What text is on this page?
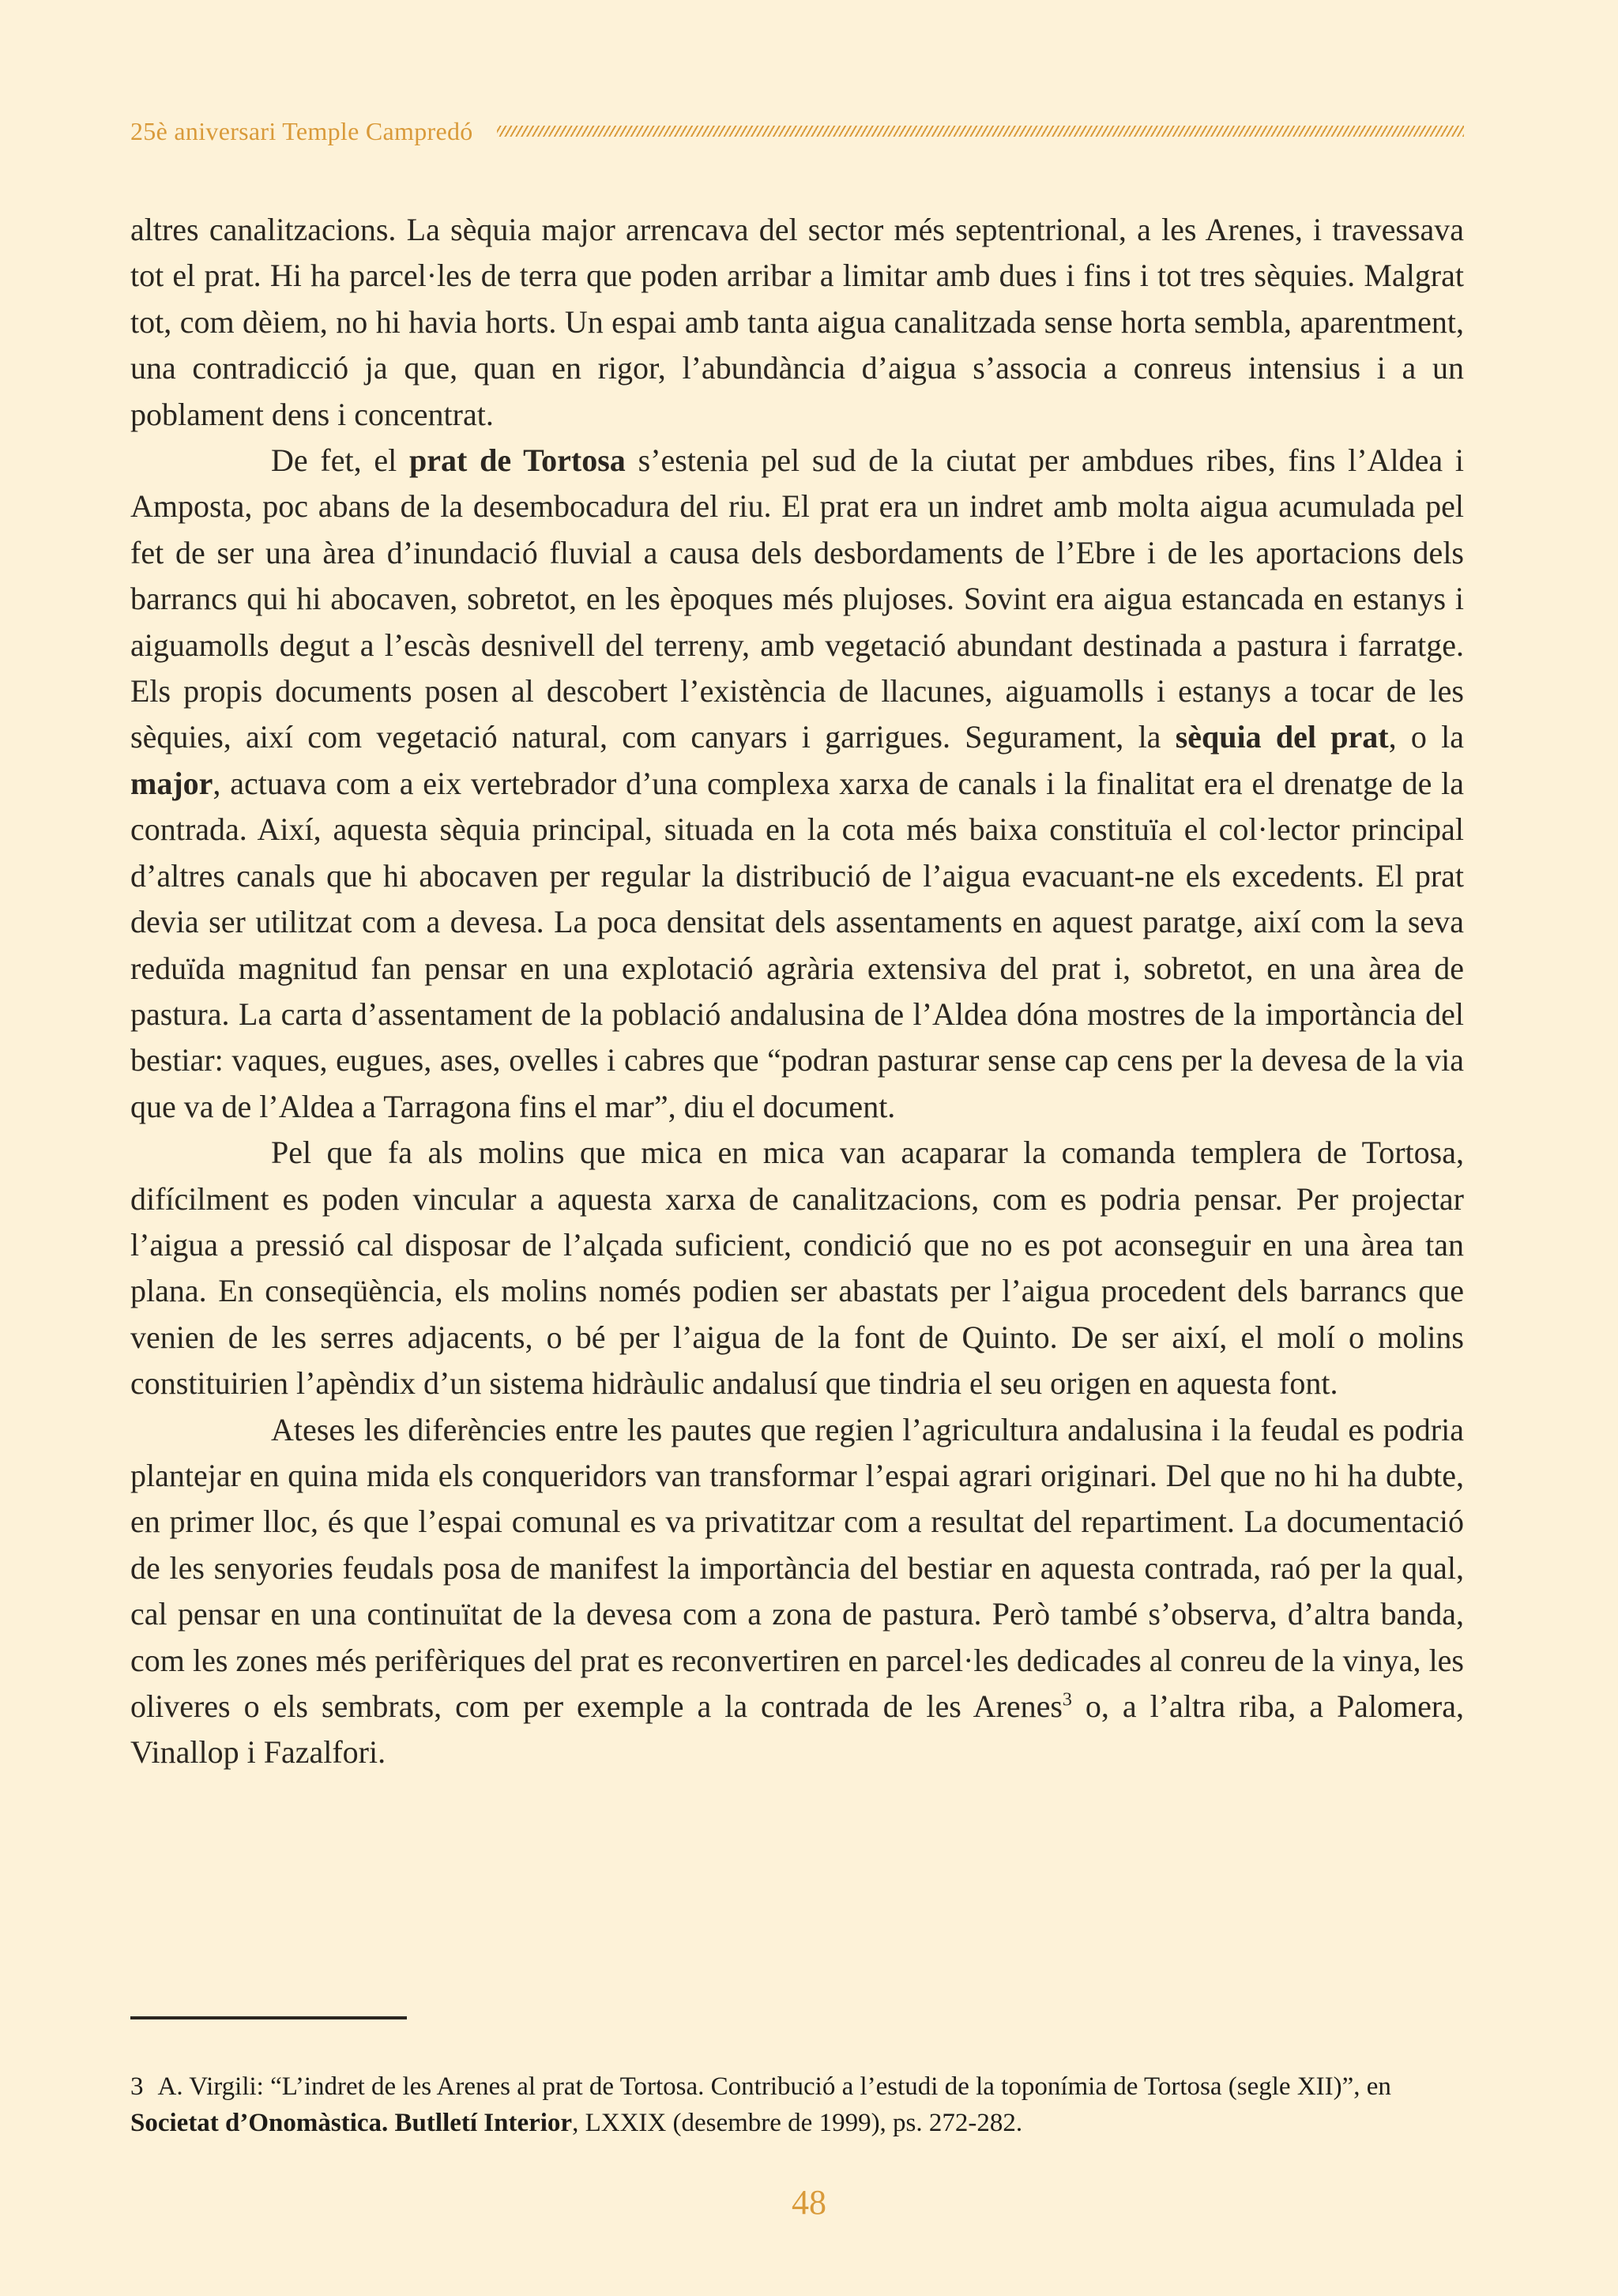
25è aniversari Temple Campredó

altres canalitzacions. La sèquia major arrencava del sector més septentrional, a les Arenes, i travessava tot el prat. Hi ha parcel·les de terra que poden arribar a limitar amb dues i fins i tot tres sèquies. Malgrat tot, com dèiem, no hi havia horts. Un espai amb tanta aigua canalitzada sense horta sembla, aparentment, una contradicció ja que, quan en rigor, l’abundància d’aigua s’associa a conreus intensius i a un poblament dens i concentrat.

De fet, el prat de Tortosa s’estenia pel sud de la ciutat per ambdues ribes, fins l’Aldea i Amposta, poc abans de la desembocadura del riu. El prat era un indret amb molta aigua acumulada pel fet de ser una àrea d’inundació fluvial a causa dels desbordaments de l’Ebre i de les aportacions dels barrancs qui hi abocaven, sobretot, en les èpoques més plujoses. Sovint era aigua estancada en estanys i aiguamolls degut a l’escàs desnivell del terreny, amb vegetació abundant destinada a pastura i farratge. Els propis documents posen al descobert l’existència de llacunes, aiguamolls i estanys a tocar de les sèquies, així com vegetació natural, com canyars i garrigues. Segurament, la sèquia del prat, o la major, actuava com a eix vertebrador d’una complexa xarxa de canals i la finalitat era el drenatge de la contrada. Així, aquesta sèquia principal, situada en la cota més baixa constituïa el col·lector principal d’altres canals que hi abocaven per regular la distribució de l’aigua evacuant-ne els excedents. El prat devia ser utilitzat com a devesa. La poca densitat dels assentaments en aquest paratge, així com la seva reduïda magnitud fan pensar en una explotació agrària extensiva del prat i, sobretot, en una àrea de pastura. La carta d’assentament de la població andalusina de l’Aldea dóna mostres de la importància del bestiar: vaques, eugues, ases, ovelles i cabres que “podran pasturar sense cap cens per la devesa de la via que va de l’Aldea a Tarragona fins el mar”, diu el document.

Pel que fa als molins que mica en mica van acaparar la comanda templera de Tortosa, difícilment es poden vincular a aquesta xarxa de canalitzacions, com es podria pensar. Per projectar l’aigua a pressió cal disposar de l’alçada suficient, condició que no es pot aconseguir en una àrea tan plana. En conseqüència, els molins només podien ser abastats per l’aigua procedent dels barrancs que venien de les serres adjacents, o bé per l’aigua de la font de Quinto. De ser així, el molí o molins constituirien l’apèndix d’un sistema hidràulic andalusí que tindria el seu origen en aquesta font.

Ateses les diferències entre les pautes que regien l’agricultura andalusina i la feudal es podria plantejar en quina mida els conqueridors van transformar l’espai agrari originari. Del que no hi ha dubte, en primer lloc, és que l’espai comunal es va privatitzar com a resultat del repartiment. La documentació de les senyories feudals posa de manifest la importància del bestiar en aquesta contrada, raó per la qual, cal pensar en una continuïtat de la devesa com a zona de pastura. Però també s’observa, d’altra banda, com les zones més perifèriques del prat es reconvertiren en parcel·les dedicades al conreu de la vinya, les oliveres o els sembrats, com per exemple a la contrada de les Arenes$^3$ o, a l’altra riba, a Palomera, Vinallop i Fazalfori.

3 A. Virgili: “L’indret de les Arenes al prat de Tortosa. Contribució a l’estudi de la toponímia de Tortosa (segle XII)”, en Societat d’Onomàstica. Butlletí Interior, LXXIX (desembre de 1999), ps. 272-282.
48
